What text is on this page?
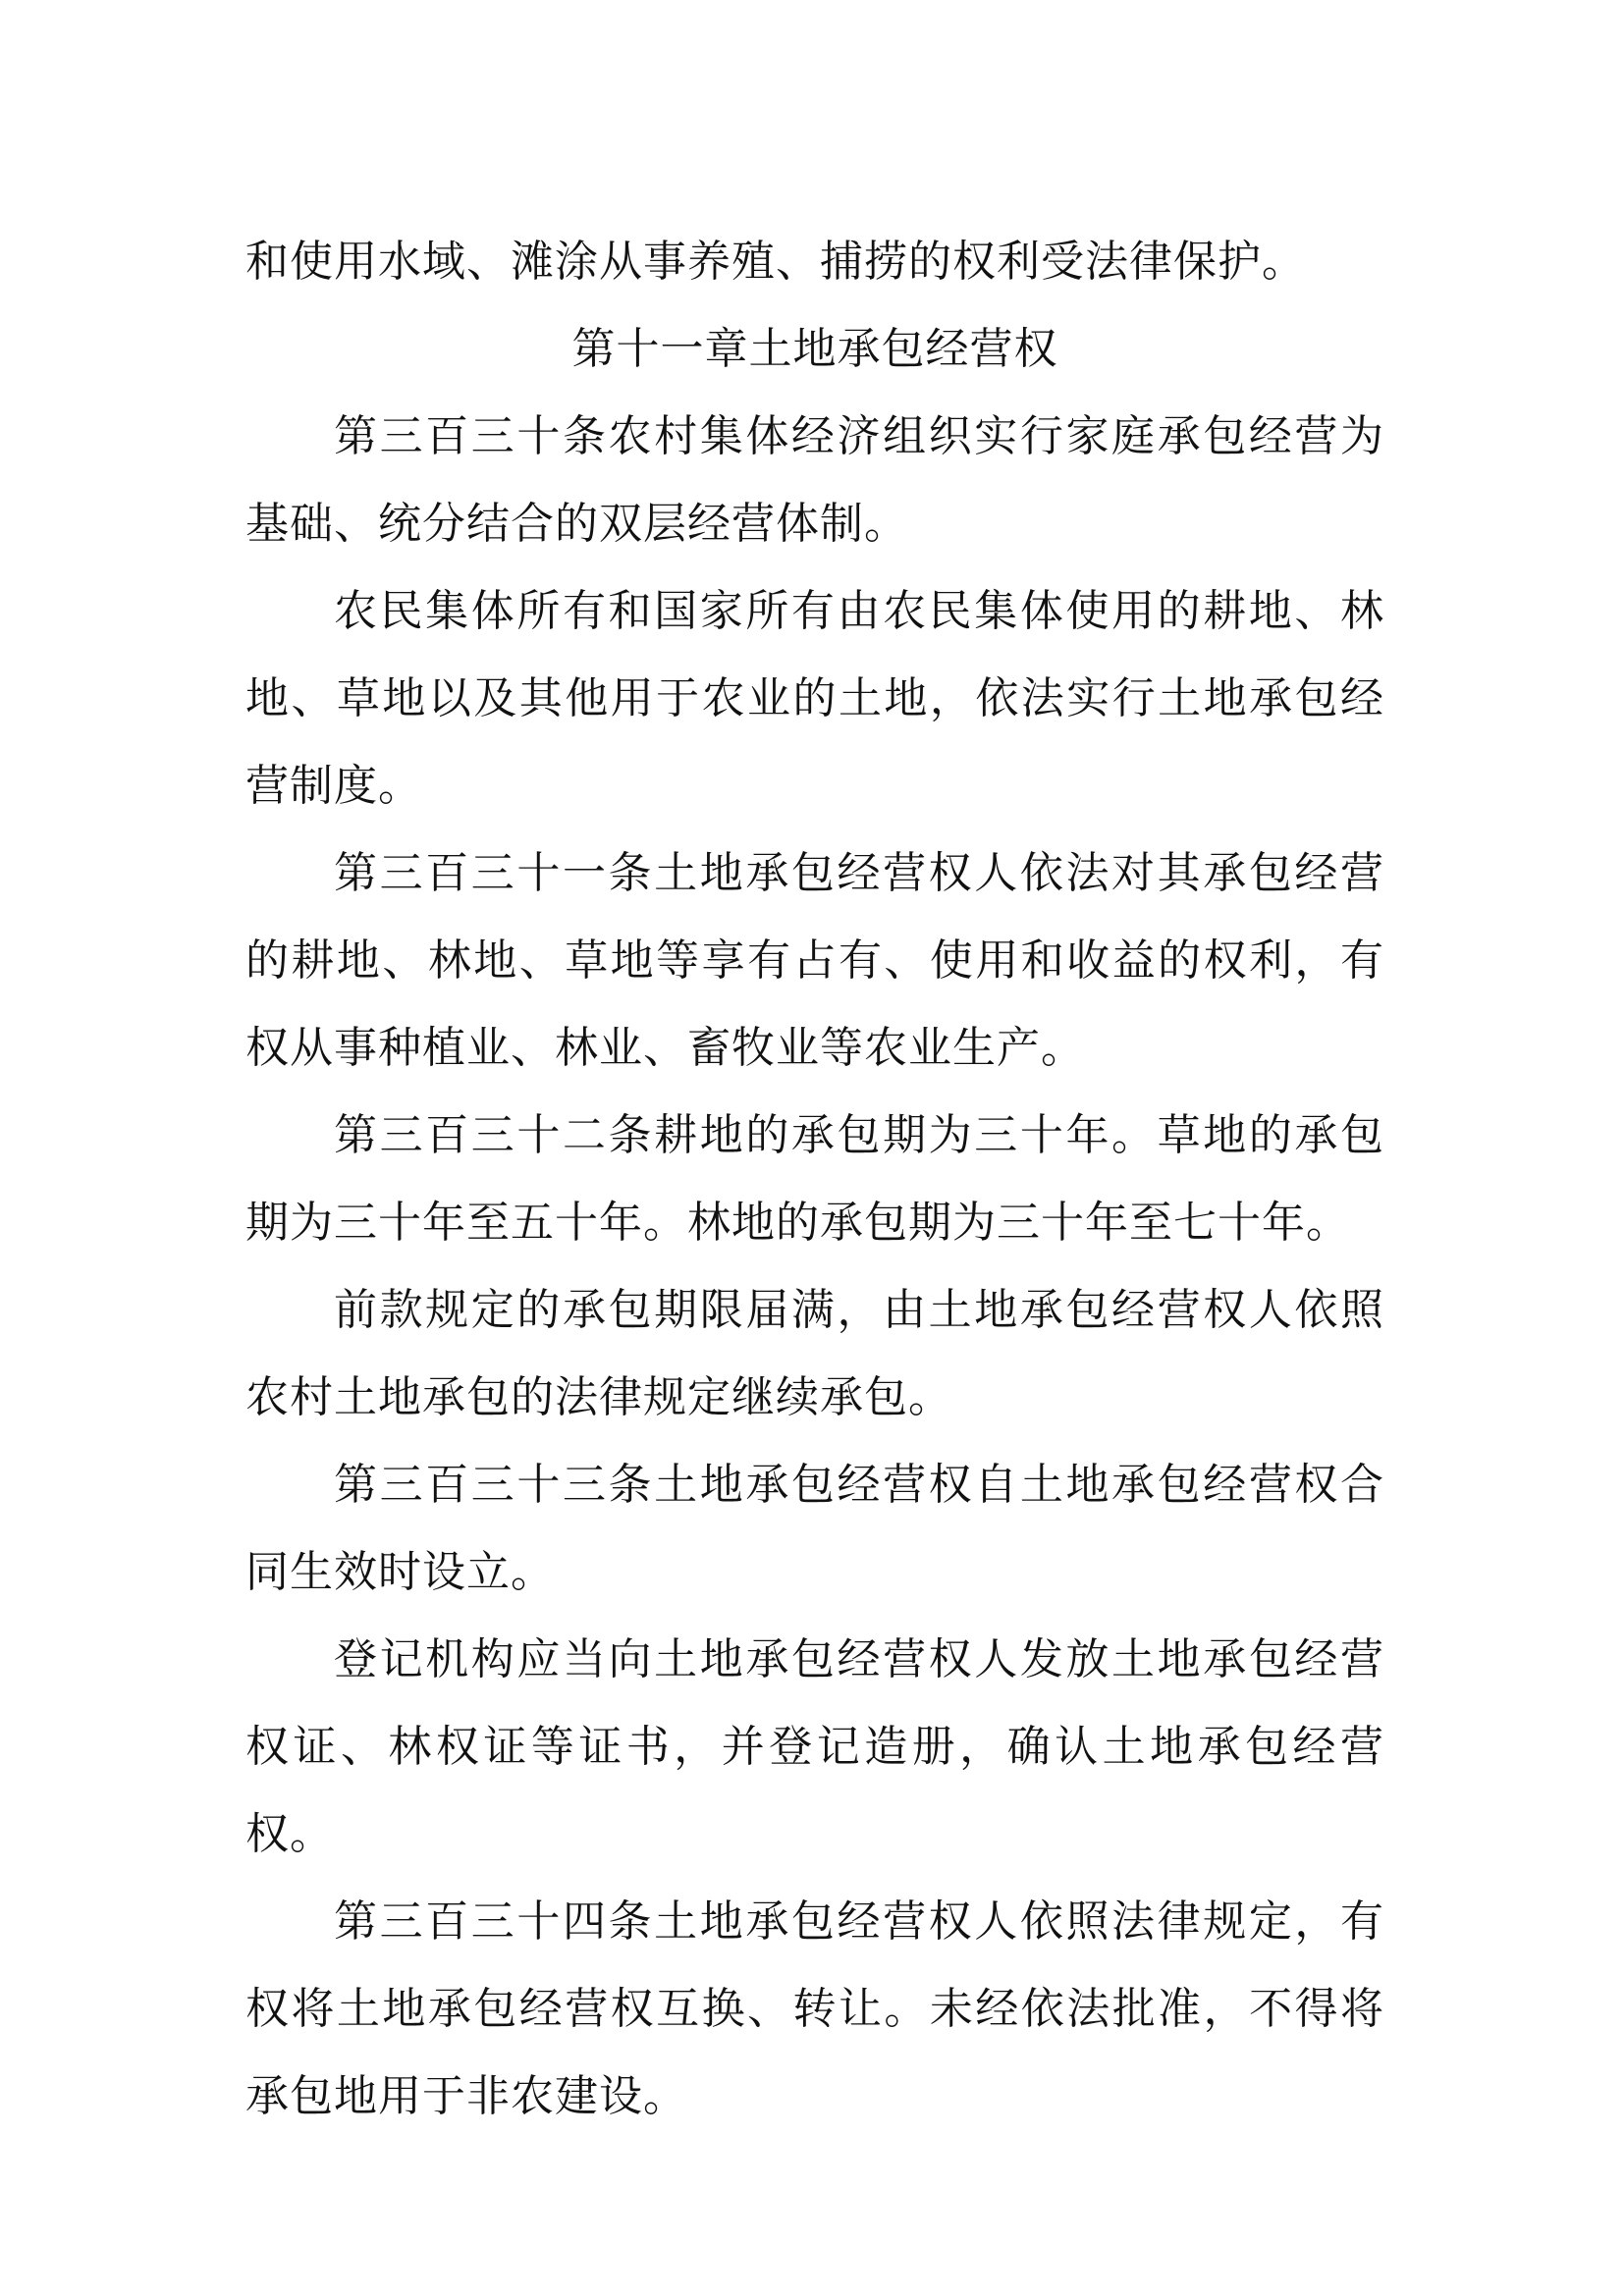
和使用水域、滩涂从事养殖、捕捞的权利受法律保护。

第十一章土地承包经营权

第三百三十条农村集体经济组织实行家庭承包经营为基础、统分结合的双层经营体制。

农民集体所有和国家所有由农民集体使用的耕地、林地、草地以及其他用于农业的土地，依法实行土地承包经营制度。

第三百三十一条土地承包经营权人依法对其承包经营的耕地、林地、草地等享有占有、使用和收益的权利，有权从事种植业、林业、畜牧业等农业生产。

第三百三十二条耕地的承包期为三十年。草地的承包期为三十年至五十年。林地的承包期为三十年至七十年。

前款规定的承包期限届满，由土地承包经营权人依照农村土地承包的法律规定继续承包。

第三百三十三条土地承包经营权自土地承包经营权合同生效时设立。

登记机构应当向土地承包经营权人发放土地承包经营权证、林权证等证书，并登记造册，确认土地承包经营权。

第三百三十四条土地承包经营权人依照法律规定，有权将土地承包经营权互换、转让。未经依法批准，不得将承包地用于非农建设。
